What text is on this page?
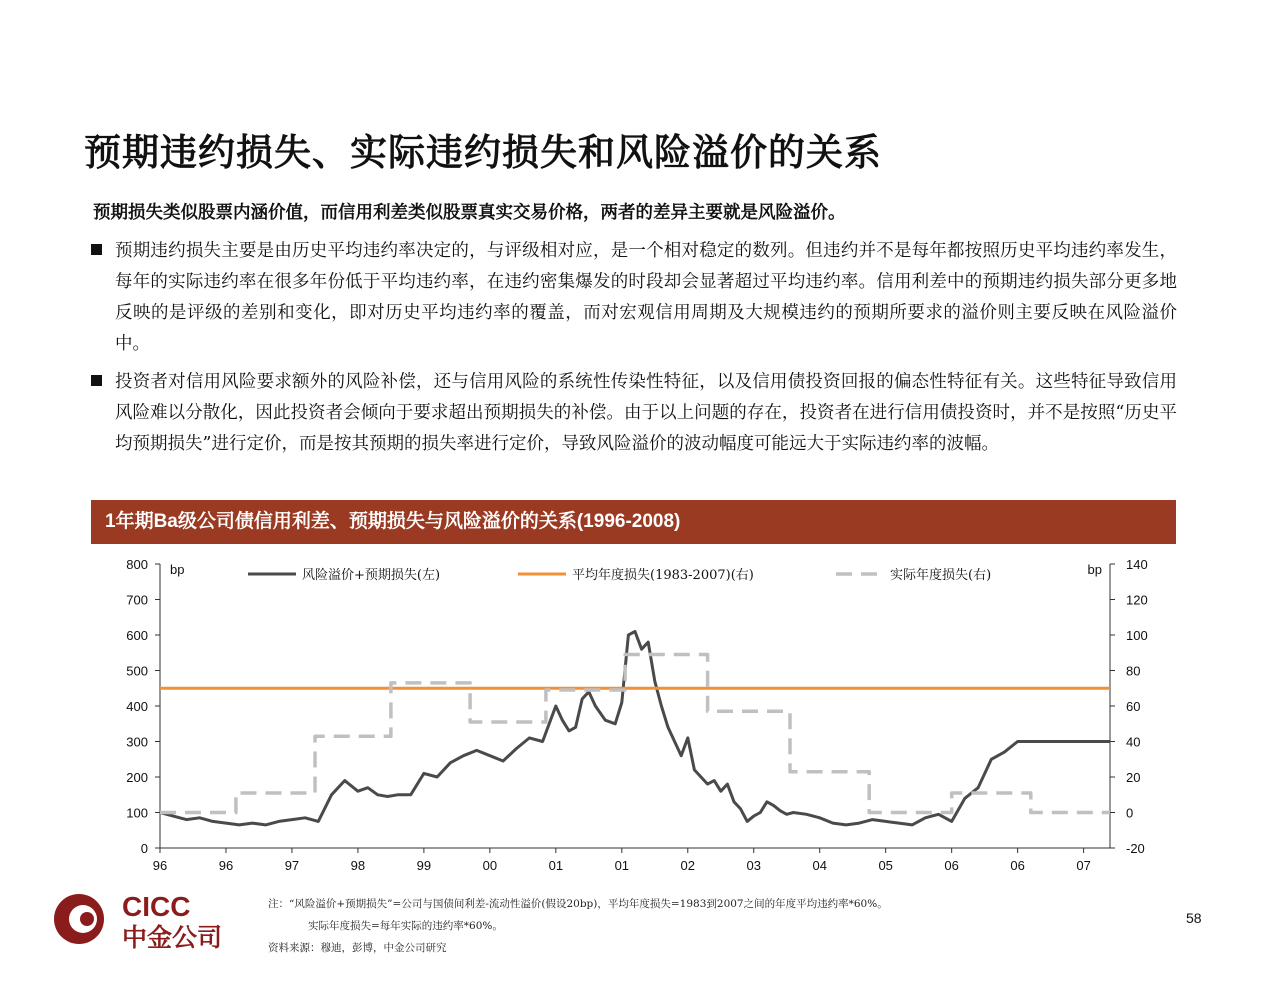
预期违约损失、实际违约损失和风险溢价的关系
预期损失类似股票内涵价值，而信用利差类似股票真实交易价格，两者的差异主要就是风险溢价。
预期违约损失主要是由历史平均违约率决定的，与评级相对应，是一个相对稳定的数列。但违约并不是每年都按照历史平均违约率发生，每年的实际违约率在很多年份低于平均违约率，在违约密集爆发的时段却会显著超过平均违约率。信用利差中的预期违约损失部分更多地反映的是评级的差别和变化，即对历史平均违约率的覆盖，而对宏观信用周期及大规模违约的预期所要求的溢价则主要反映在风险溢价中。
投资者对信用风险要求额外的风险补偿，还与信用风险的系统性传染性特征，以及信用债投资回报的偏态性特征有关。这些特征导致信用风险难以分散化，因此投资者会倾向于要求超出预期损失的补偿。由于以上问题的存在，投资者在进行信用债投资时，并不是按照“历史平均预期损失”进行定价，而是按其预期的损失率进行定价，导致风险溢价的波动幅度可能远大于实际违约率的波幅。
1年期Ba级公司债信用利差、预期损失与风险溢价的关系(1996-2008)
0
100
200
300
400
500
600
700
800
-20
0
20
40
60
80
100
120
140
bp	bp
96	96	97	98	99	00	01	01	02	03	04	05	06	06	07
风险溢价+预期损失(左)	平均年度损失(1983-2007)(右)	实际年度损失(右)
CICC
中金公司
注：“风险溢价+预期损失”=公司与国债间利差-流动性溢价(假设20bp)，平均年度损失=1983到2007之间的年度平均违约率*60%。
实际年度损失=每年实际的违约率*60%。
资料来源：穆迪，彭博，中金公司研究
58
